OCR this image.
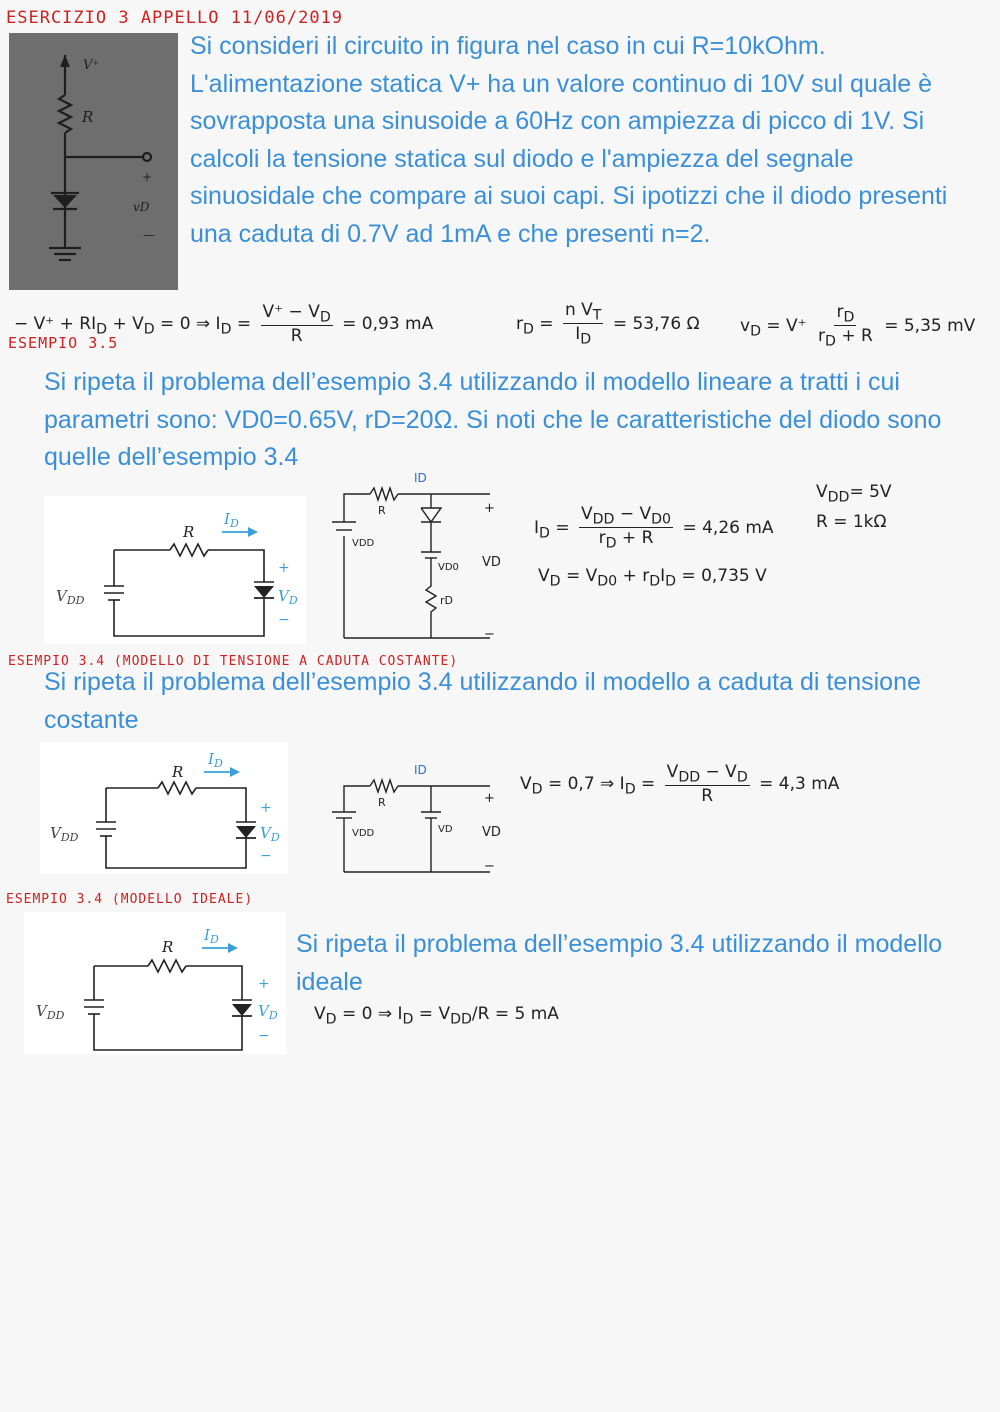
ESERCIZIO 3 APPELLO 11/06/2019
V⁺
R
+
vD
—
Si consideri il circuito in figura nel caso in cui R=10kOhm. L'alimentazione statica V+ ha un valore continuo di 10V sul quale è sovrapposta una sinusoide a 60Hz con ampiezza di picco di 1V. Si calcoli la tensione statica sul diodo e l'ampiezza del segnale sinuosidale che compare ai suoi capi. Si ipotizzi che il diodo presenti una caduta di 0.7V ad 1mA e che presenti n=2.
− $V^+ + RI_D + V_D = 0$ ⇒ $I_D = \frac{V^+ - V_D}{R} = 0,93$ mA	$r_D = \frac{n V_T}{I_D} = 53,76$ Ω $v_D = V^+ \frac{r_D}{r_D + R} = 5,35$ mV
ESEMPIO 3.5
Si ripeta il problema dell’esempio 3.4 utilizzando il modello lineare a tratti i cui parametri sono: VD0=0.65V, rD=20Ω. Si noti che le caratteristiche del diodo sono quelle dell’esempio 3.4
R
$I_D$
$V_{DD}$	$V_D$
+
−
R
ID
VDD
VD0
rD
VD
+
−
$I_D = \frac{V_{DD} - V_{D0}}{r_D + R} = 4,26$ mA
$V_D = V_{D0} + r_DI_D = 0,735$ V
$V_{DD}= 5V$
R = 1kΩ
ESEMPIO 3.4 (MODELLO DI TENSIONE A CADUTA COSTANTE)
Si ripeta il problema dell’esempio 3.4 utilizzando il modello a caduta di tensione costante
R
$I_D$
$V_{DD}$	$V_D$
+
−
R
ID
VDD	VD VD
+
−
$V_D = 0,7$ ⇒ $I_D = \frac{V_{DD} - V_D}{R} = 4,3$ mA
ESEMPIO 3.4 (MODELLO IDEALE)
R
$I_D$
$V_{DD}$	$V_D$
+
−
Si ripeta il problema dell’esempio 3.4 utilizzando il modello ideale
$V_D = 0$ ⇒ $I_D = V_{DD}/R = 5$ mA
